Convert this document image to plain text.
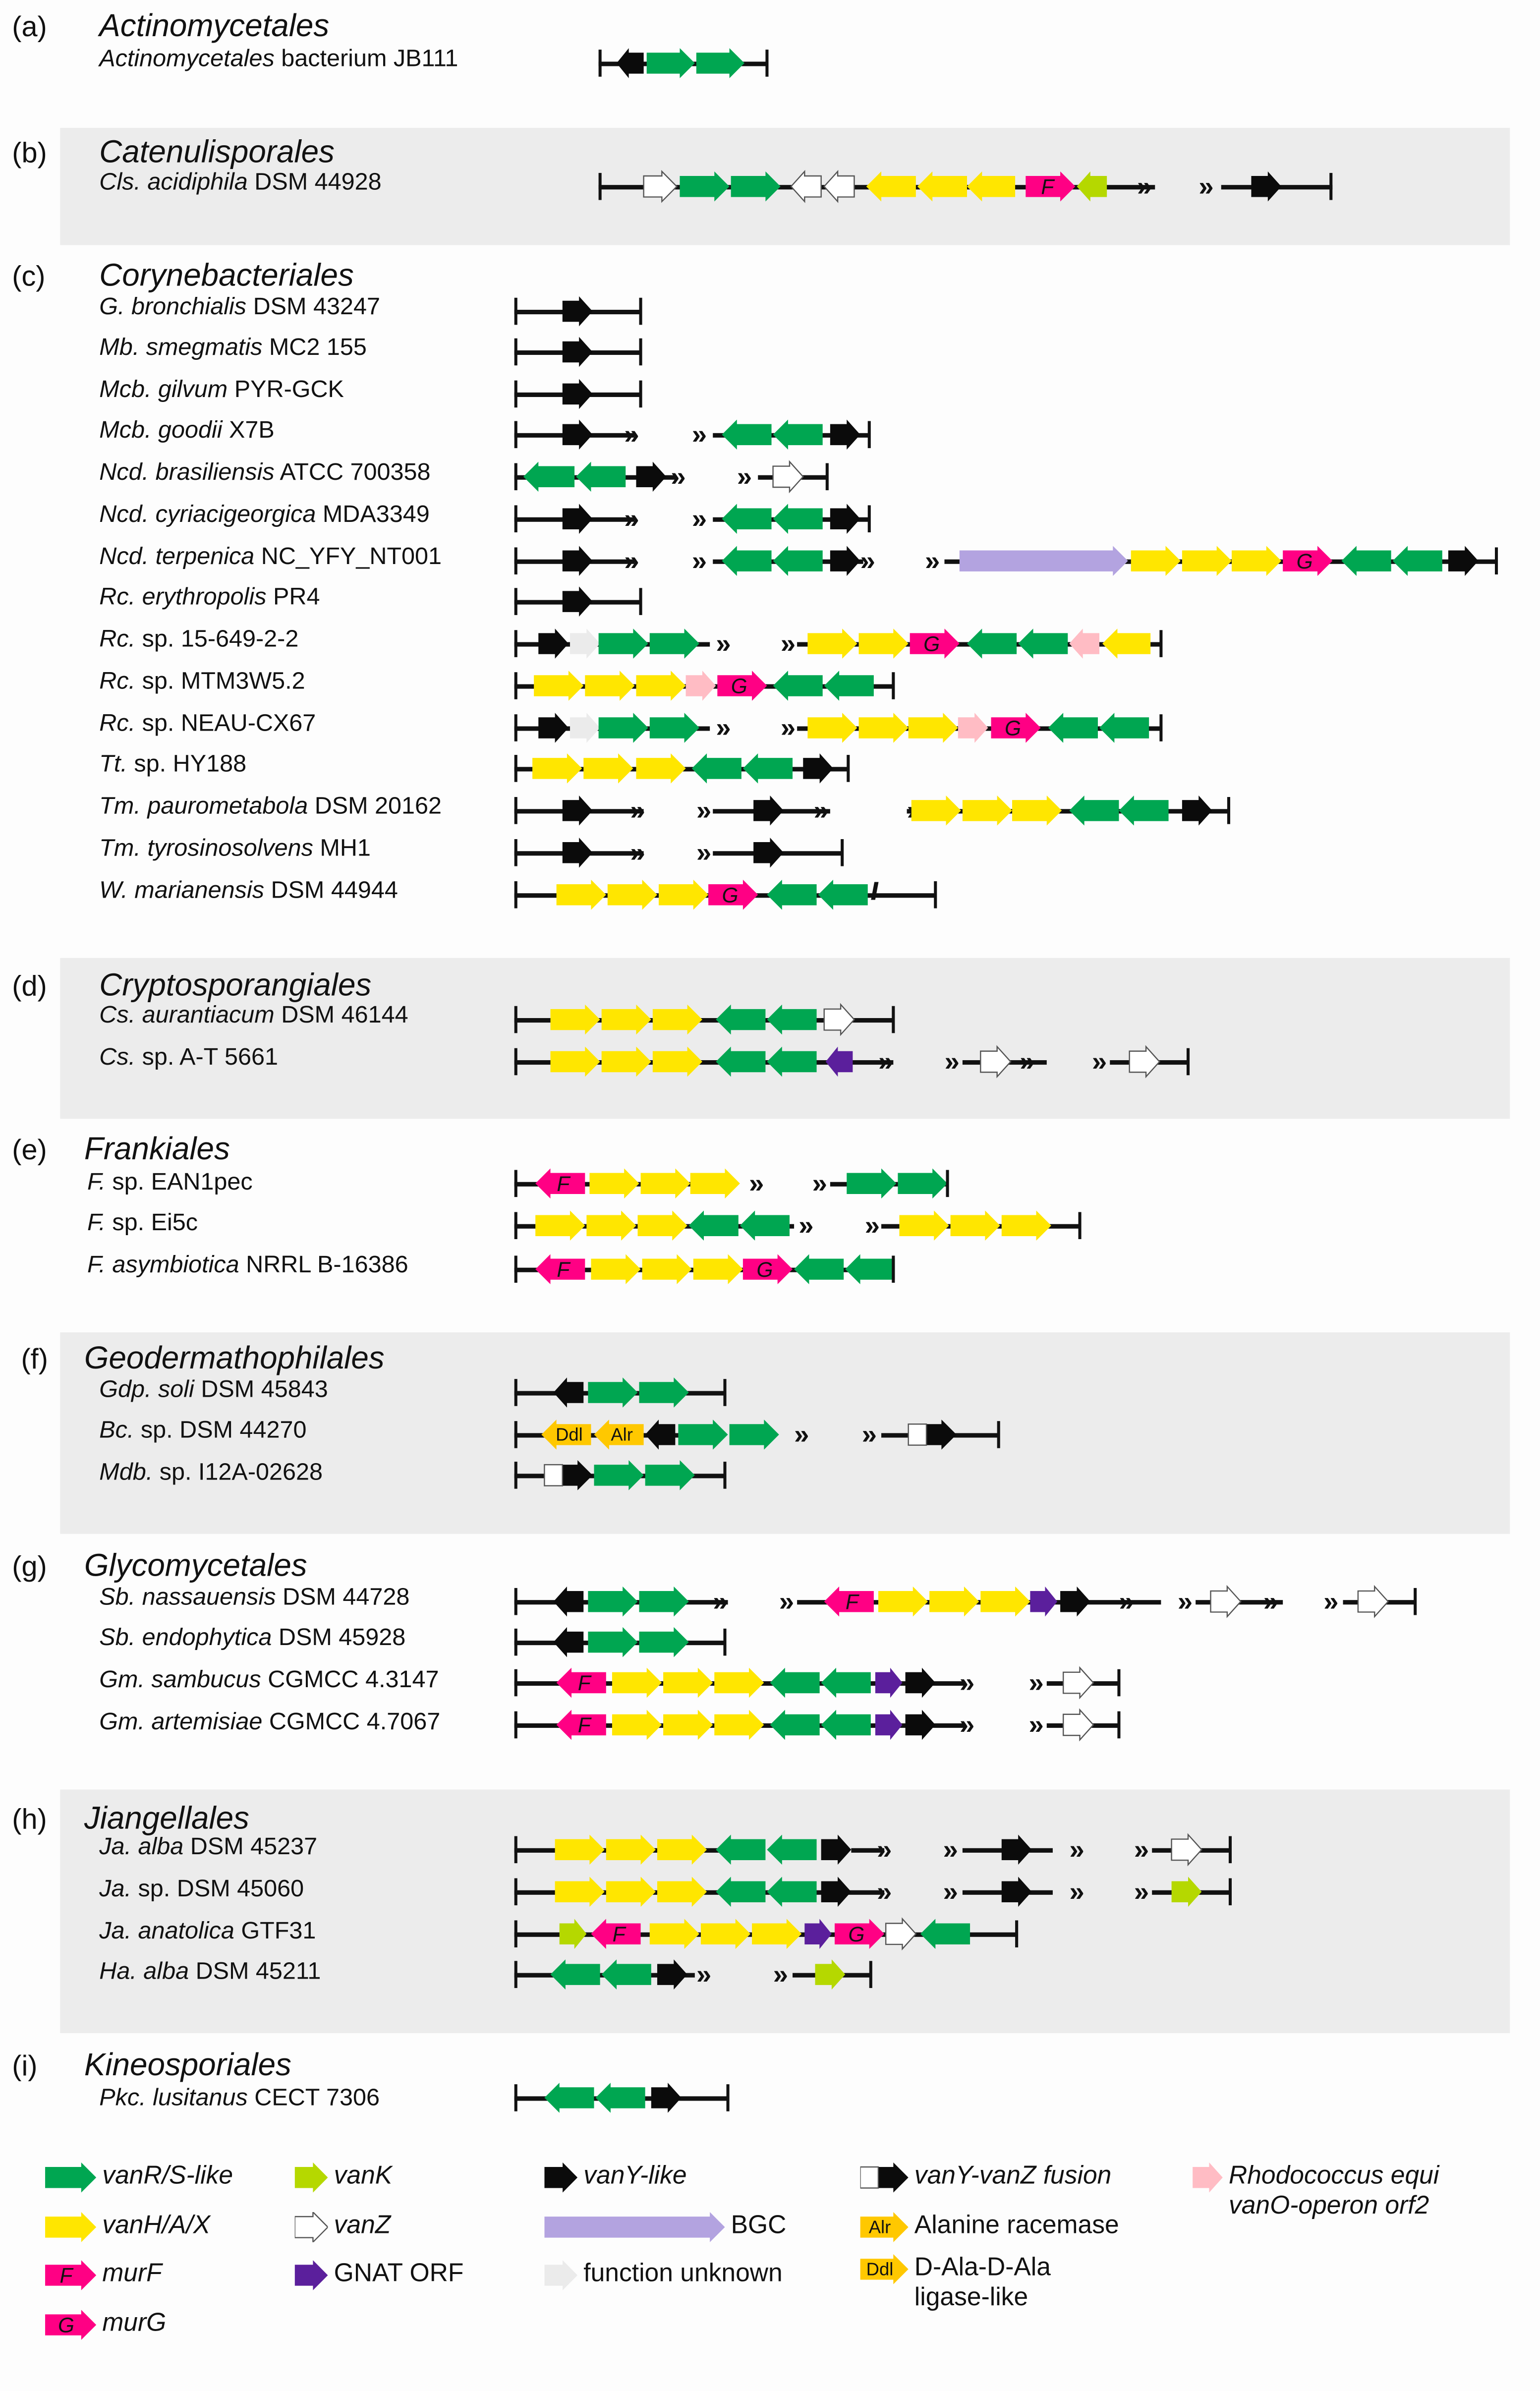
(a)	Actinomycetales
Actinomycetales bacterium JB111
(b)	Catenulisporales
Cls. acidiphila DSM 44928	F	»	»
(c)	Corynebacteriales
G. bronchialis DSM 43247
Mb. smegmatis MC2 155
Mcb. gilvum PYR-GCK
Mcb. goodii X7B	»	»
Ncd. brasiliensis ATCC 700358	»	»
Ncd. cyriacigeorgica MDA3349	»	»
Ncd. terpenica NC_YFY_NT001	»	»	»	»	G
Rc. erythropolis PR4
Rc. sp. 15-649-2-2	»	»	G
Rc. sp. MTM3W5.2	G
Rc. sp. NEAU-CX67	»	»	G
Tt. sp. HY188
Tm. paurometabola DSM 20162	»	»	»
Tm. tyrosinosolvens MH1	»	»
W. marianensis DSM 44944	G	///
(d)	Cryptosporangiales
Cs. aurantiacum DSM 46144
Cs. sp. A-T 5661	»	»	»	»
(e)	Frankiales
F. sp. EAN1pec	F	»	»
F. sp. Ei5c	»	»
F. asymbiotica NRRL B-16386	F	G
(f)	Geodermathophilales
Gdp. soli DSM 45843
Bc. sp. DSM 44270	Ddl	Alr	»	»
Mdb. sp. I12A-02628
(g)	Glycomycetales
Sb. nassauensis DSM 44728	»	»	F	»	»	»	»
Sb. endophytica DSM 45928
Gm. sambucus CGMCC 4.3147	F	»	»
Gm. artemisiae CGMCC 4.7067	F	»	»
(h)	Jiangellales
Ja. alba DSM 45237	»	»	»	»
Ja. sp. DSM 45060	»	»	»	»
Ja. anatolica GTF31	F	G
Ha. alba DSM 45211	»	»
(i)	Kineosporiales
Pkc. lusitanus CECT 7306
vanR/S-like
vanH/A/X
F	murF
G	murG
vanK
vanZ
GNAT ORF
vanY-like
BGC
function unknown
vanY-vanZ fusion
Alr	Alanine racemase
Ddl	D-Ala-D-Ala
ligase-like
Rhodococcus equi
vanO-operon orf2
